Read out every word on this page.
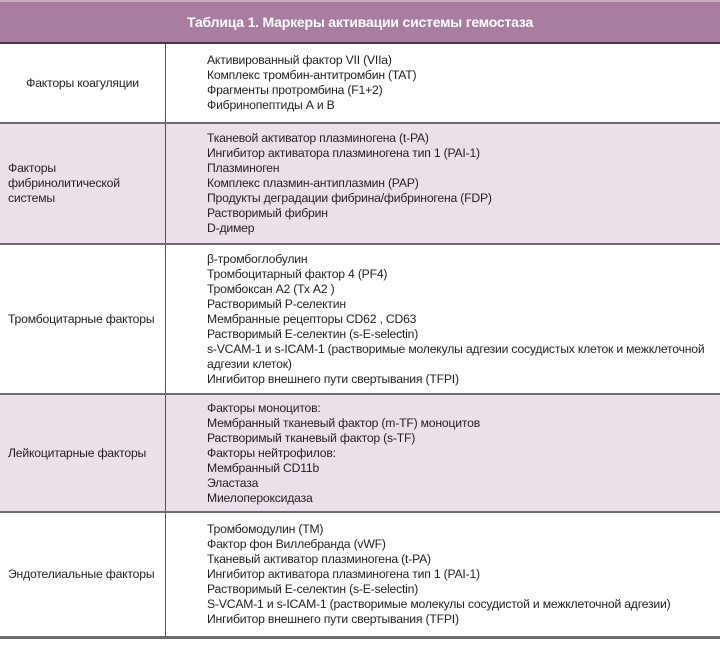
Таблица 1. Маркеры активации системы гемостаза
Факторы коагуляции
Активированный фактор VII (VIIa)
Комплекс тромбин-антитромбин (TAT)
Фрагменты протромбина (F1+2)
Фибринопептиды А и В
Факторы фибринолитической системы
Тканевой активатор плазминогена (t-PA)
Ингибитор активатора плазминогена тип 1 (PAI-1)
Плазминоген
Комплекс плазмин-антиплазмин (PAP)
Продукты деградации фибрина/фибриногена (FDP)
Растворимый фибрин
D-димер
Тромбоцитарные факторы
β-тромбоглобулин
Тромбоцитарный фактор 4 (PF4)
Тромбоксан А2 (Тх А2 )
Растворимый Р-селектин
Мембранные рецепторы CD62 , CD63
Растворимый Е-селектин (s-E-selectin)
s-VCAM-1 и s-ICAM-1 (растворимые молекулы адгезии сосудистых клеток и межклеточной адгезии клеток)
Ингибитор внешнего пути свертывания (TFPI)
Лейкоцитарные факторы
Факторы моноцитов:
Мембранный тканевый фактор (m-TF) моноцитов
Растворимый тканевый фактор (s-TF)
Факторы нейтрофилов:
Мембранный CD11b
Эластаза
Миелопероксидаза
Эндотелиальные факторы
Тромбомодулин (TM)
Фактор фон Виллебранда (vWF)
Тканевый активатор плазминогена (t-PA)
Ингибитор активатора плазминогена тип 1 (PAI-1)
Растворимый Е-селектин (s-E-selectin)
S-VCAM-1 и s-ICAM-1 (растворимые молекулы сосудистой и межклеточной адгезии)
Ингибитор внешнего пути свертывания (TFPI)
